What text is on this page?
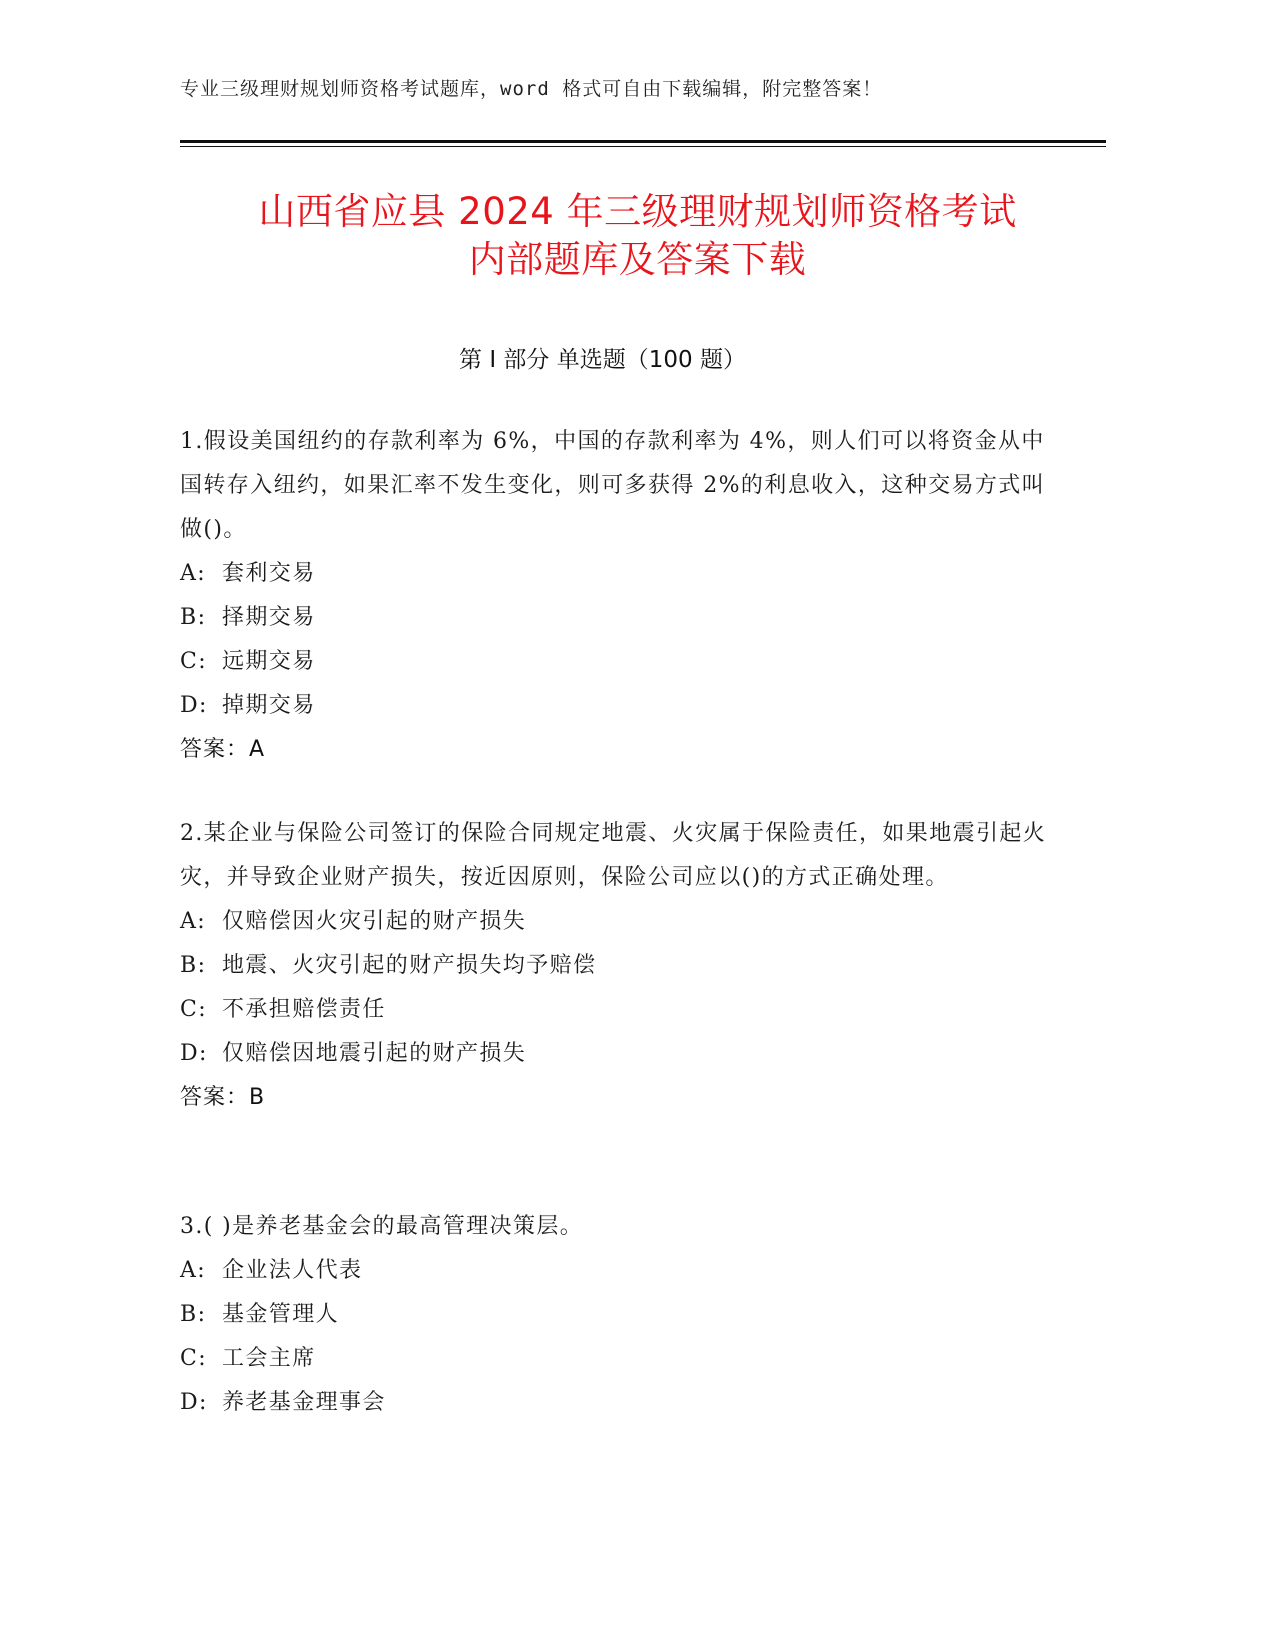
专业三级理财规划师资格考试题库，word 格式可自由下载编辑，附完整答案！
山西省应县 2024 年三级理财规划师资格考试
内部题库及答案下载
第 I 部分 单选题（100 题）

1.假设美国纽约的存款利率为 6%，中国的存款利率为 4%，则人们可以将资金从中国转存入纽约，如果汇率不发生变化，则可多获得 2%的利息收入，这种交易方式叫做()。

A: 套利交易

B: 择期交易

C: 远期交易

D: 掉期交易

答案：A

2.某企业与保险公司签订的保险合同规定地震、火灾属于保险责任，如果地震引起火灾，并导致企业财产损失，按近因原则，保险公司应以()的方式正确处理。

A: 仅赔偿因火灾引起的财产损失

B: 地震、火灾引起的财产损失均予赔偿

C: 不承担赔偿责任

D: 仅赔偿因地震引起的财产损失

答案：B

3.( )是养老基金会的最高管理决策层。

A: 企业法人代表

B: 基金管理人

C: 工会主席

D: 养老基金理事会
